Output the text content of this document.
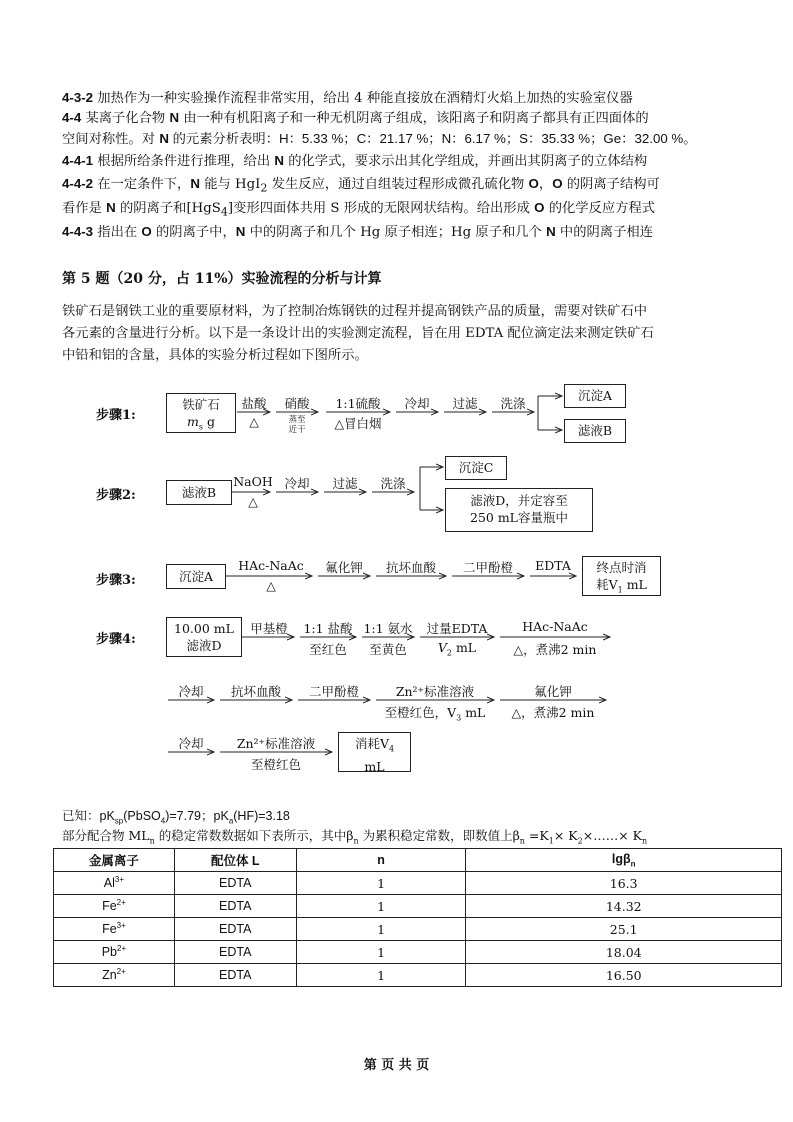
4-3-2 加热作为一种实验操作流程非常实用，给出 4 种能直接放在酒精灯火焰上加热的实验室仪器
4-4 某离子化合物 N 由一种有机阳离子和一种无机阴离子组成，该阳离子和阴离子都具有正四面体的
空间对称性。对 N 的元素分析表明：H：5.33 %；C：21.17 %；N：6.17 %；S：35.33 %；Ge：32.00 %。
4-4-1 根据所给条件进行推理，给出 N 的化学式，要求示出其化学组成，并画出其阴离子的立体结构
4-4-2 在一定条件下，N 能与 HgI$_2$ 发生反应，通过自组装过程形成微孔硫化物 O，O 的阴离子结构可
看作是 N 的阴离子和[HgS$_4$]变形四面体共用 S 形成的无限网状结构。给出形成 O 的化学反应方程式
4-4-3 指出在 O 的阴离子中，N 中的阴离子和几个 Hg 原子相连；Hg 原子和几个 N 中的阴离子相连
第 5 题（20 分，占 11%）实验流程的分析与计算
铁矿石是钢铁工业的重要原材料，为了控制冶炼钢铁的过程并提高钢铁产品的质量，需要对铁矿石中
各元素的含量进行分析。以下是一条设计出的实验测定流程，旨在用 EDTA 配位滴定法来测定铁矿石
中铅和铝的含量，具体的实验分析过程如下图所示。
步骤1:
铁矿石
$m_s$ g
盐酸
△
硝酸
蒸至
近干
1:1硫酸
△冒白烟
冷却	过滤	洗涤
沉淀A
滤液B
步骤2:	滤液B
NaOH
△
冷却	过滤	洗涤
沉淀C
滤液D，并定容至
250 mL容量瓶中
步骤3:	沉淀A
HAc-NaAc
△
氟化钾	抗坏血酸	二甲酚橙	EDTA	终点时消
耗$V_1$ mL
步骤4:
10.00 mL
滤液D
甲基橙	1:1 盐酸
至红色
1:1 氨水
至黄色
过量EDTA
$V_2$ mL
HAc-NaAc
△，煮沸2 min
冷却	抗坏血酸	二甲酚橙	Zn²⁺标准溶液
至橙红色，$V_3$ mL
氟化钾
△，煮沸2 min
冷却	Zn²⁺标准溶液
至橙红色
消耗$V_4$
mL
已知：$pK_{sp}(PbSO_4)=7.79$；$pK_a(HF)=3.18$
部分配合物 $ML_n$ 的稳定常数数据如下表所示，其中$\beta_n$ 为累积稳定常数，即数值上$\beta_n =K_1\times$ $K_2\times\dots\dots\times K_n$
金属离子	配位体 L	n	lgβ$_n$
$Al^{3+}$	EDTA	1	16.3
$Fe^{2+}$	EDTA	1	14.32
$Fe^{3+}$	EDTA	1	25.1
$Pb^{2+}$	EDTA	1	18.04
$Zn^{2+}$	EDTA	1	16.50
第 页 共 页
